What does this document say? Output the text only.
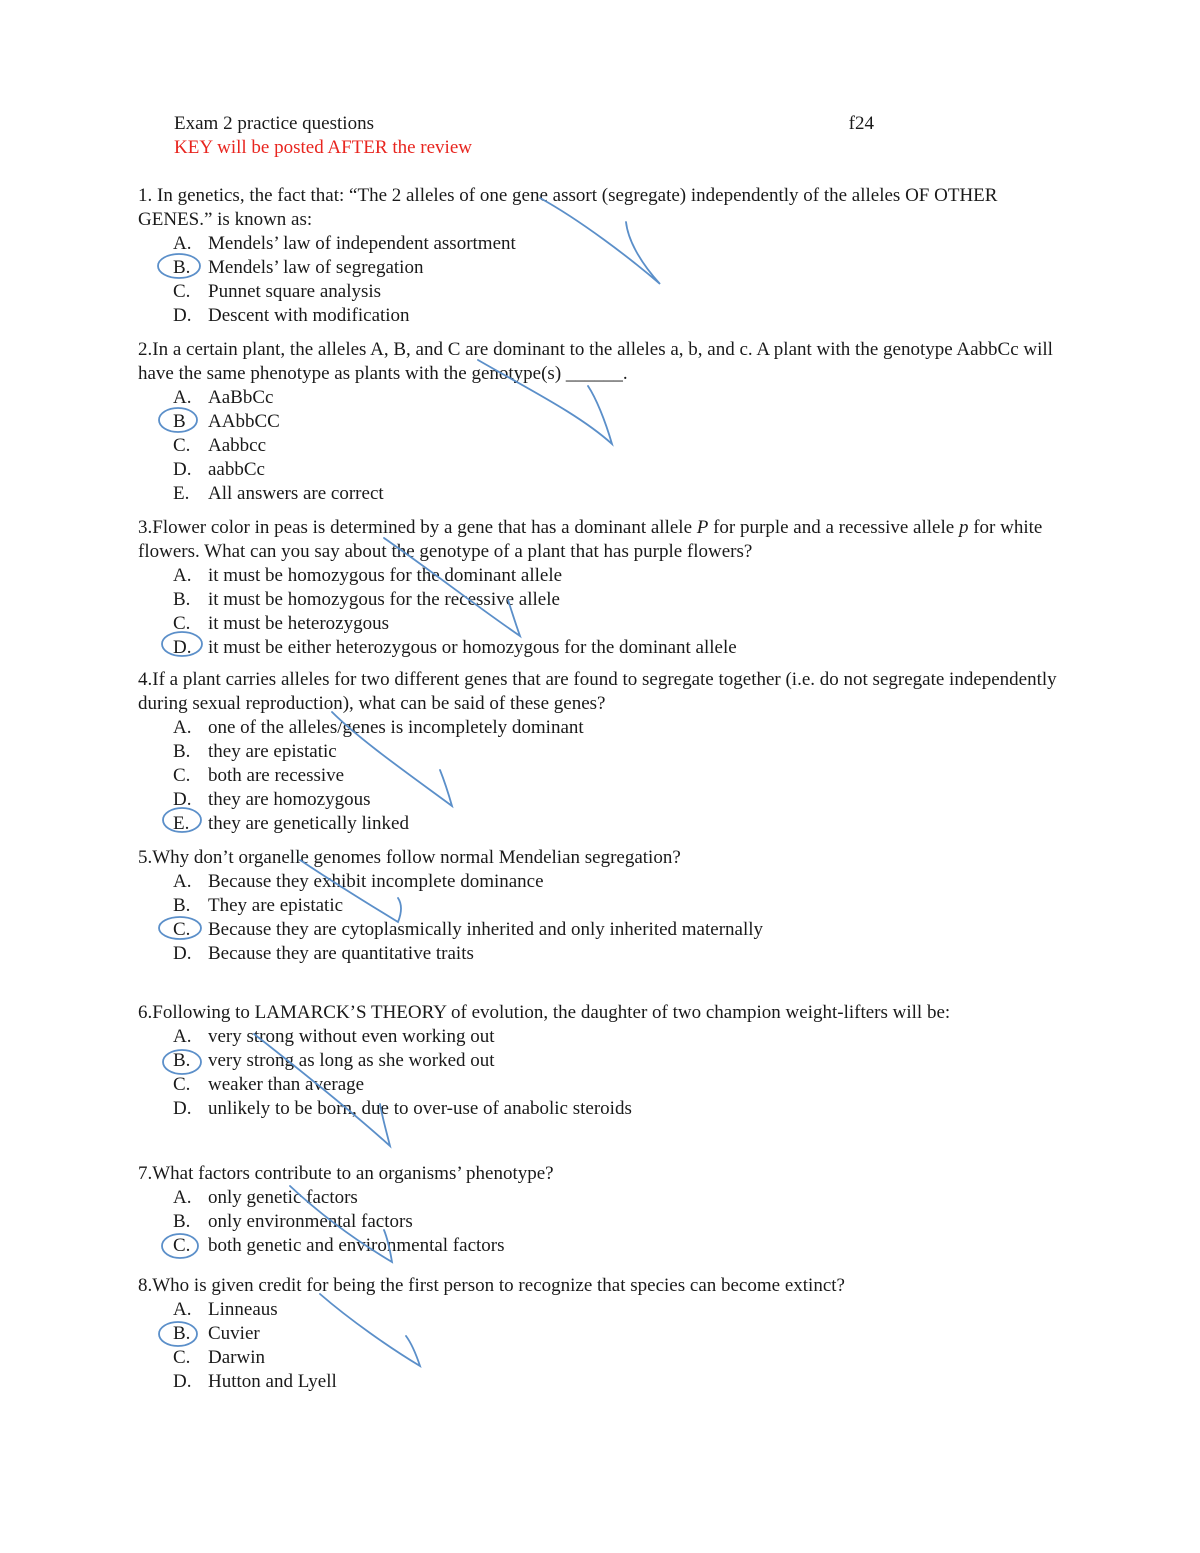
Exam 2 practice questions	f24
KEY will be posted AFTER the review

1. In genetics, the fact that: “The 2 alleles of one gene assort (segregate) independently of the alleles OF OTHER GENES.” is known as:

A. Mendels’ law of independent assortment
B. Mendels’ law of segregation
C. Punnet square analysis
D. Descent with modification

2.In a certain plant, the alleles A, B, and C are dominant to the alleles a, b, and c. A plant with the genotype AabbCc will have the same phenotype as plants with the genotype(s) ______.

A. AaBbCc
B	AAbbCC
C. Aabbcc
D. aabbCc
E. All answers are correct

3.Flower color in peas is determined by a gene that has a dominant allele P for purple and a recessive allele p for white flowers. What can you say about the genotype of a plant that has purple flowers?

A. it must be homozygous for the dominant allele
B. it must be homozygous for the recessive allele
C. it must be heterozygous
D. it must be either heterozygous or homozygous for the dominant allele

4.If a plant carries alleles for two different genes that are found to segregate together (i.e. do not segregate independently during sexual reproduction), what can be said of these genes?

A. one of the alleles/genes is incompletely dominant
B. they are epistatic
C. both are recessive
D. they are homozygous
E. they are genetically linked

5.Why don’t organelle genomes follow normal Mendelian segregation?

A. Because they exhibit incomplete dominance
B. They are epistatic
C. Because they are cytoplasmically inherited and only inherited maternally
D. Because they are quantitative traits

6.Following to LAMARCK’S THEORY of evolution, the daughter of two champion weight-lifters will be:

A. very strong without even working out
B. very strong as long as she worked out
C. weaker than average
D. unlikely to be born, due to over-use of anabolic steroids

7.What factors contribute to an organisms’ phenotype?

A. only genetic factors
B. only environmental factors
C. both genetic and environmental factors

8.Who is given credit for being the first person to recognize that species can become extinct?

A. Linneaus
B. Cuvier
C. Darwin
D. Hutton and Lyell
